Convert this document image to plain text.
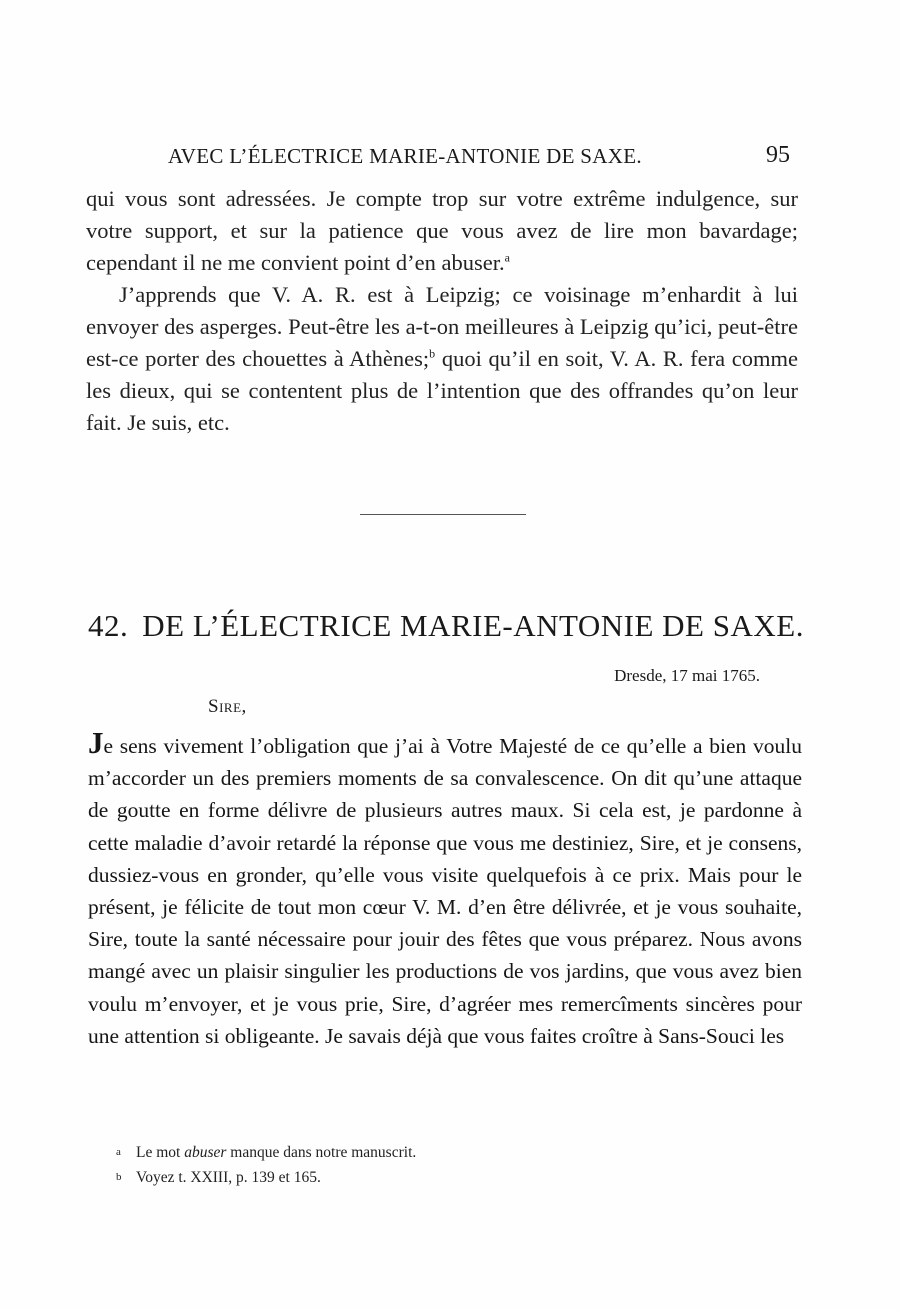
AVEC L’ÉLECTRICE MARIE-ANTONIE DE SAXE.	95

qui vous sont adressées. Je compte trop sur votre extrême indulgence, sur votre support, et sur la patience que vous avez de lire mon bavardage; cependant il ne me convient point d’en abuser.$^a$

J’apprends que V. A. R. est à Leipzig; ce voisinage m’enhardit à lui envoyer des asperges. Peut-être les a-t-on meilleures à Leipzig qu’ici, peut-être est-ce porter des chouettes à Athènes;$^b$ quoi qu’il en soit, V. A. R. fera comme les dieux, qui se contentent plus de l’intention que des offrandes qu’on leur fait. Je suis, etc.

42. DE L’ÉLECTRICE MARIE-ANTONIE DE SAXE.
Dresde, 17 mai 1765.
Sire,

Je sens vivement l’obligation que j’ai à Votre Majesté de ce qu’elle a bien voulu m’accorder un des premiers moments de sa convalescence. On dit qu’une attaque de goutte en forme délivre de plusieurs autres maux. Si cela est, je pardonne à cette maladie d’avoir retardé la réponse que vous me destiniez, Sire, et je consens, dussiez-vous en gronder, qu’elle vous visite quelquefois à ce prix. Mais pour le présent, je félicite de tout mon cœur V. M. d’en être délivrée, et je vous souhaite, Sire, toute la santé nécessaire pour jouir des fêtes que vous préparez. Nous avons mangé avec un plaisir singulier les productions de vos jardins, que vous avez bien voulu m’envoyer, et je vous prie, Sire, d’agréer mes remercîments sincères pour une attention si obligeante. Je savais déjà que vous faites croître à Sans-Souci les

a Le mot abuser manque dans notre manuscrit.
b Voyez t. XXIII, p. 139 et 165.
